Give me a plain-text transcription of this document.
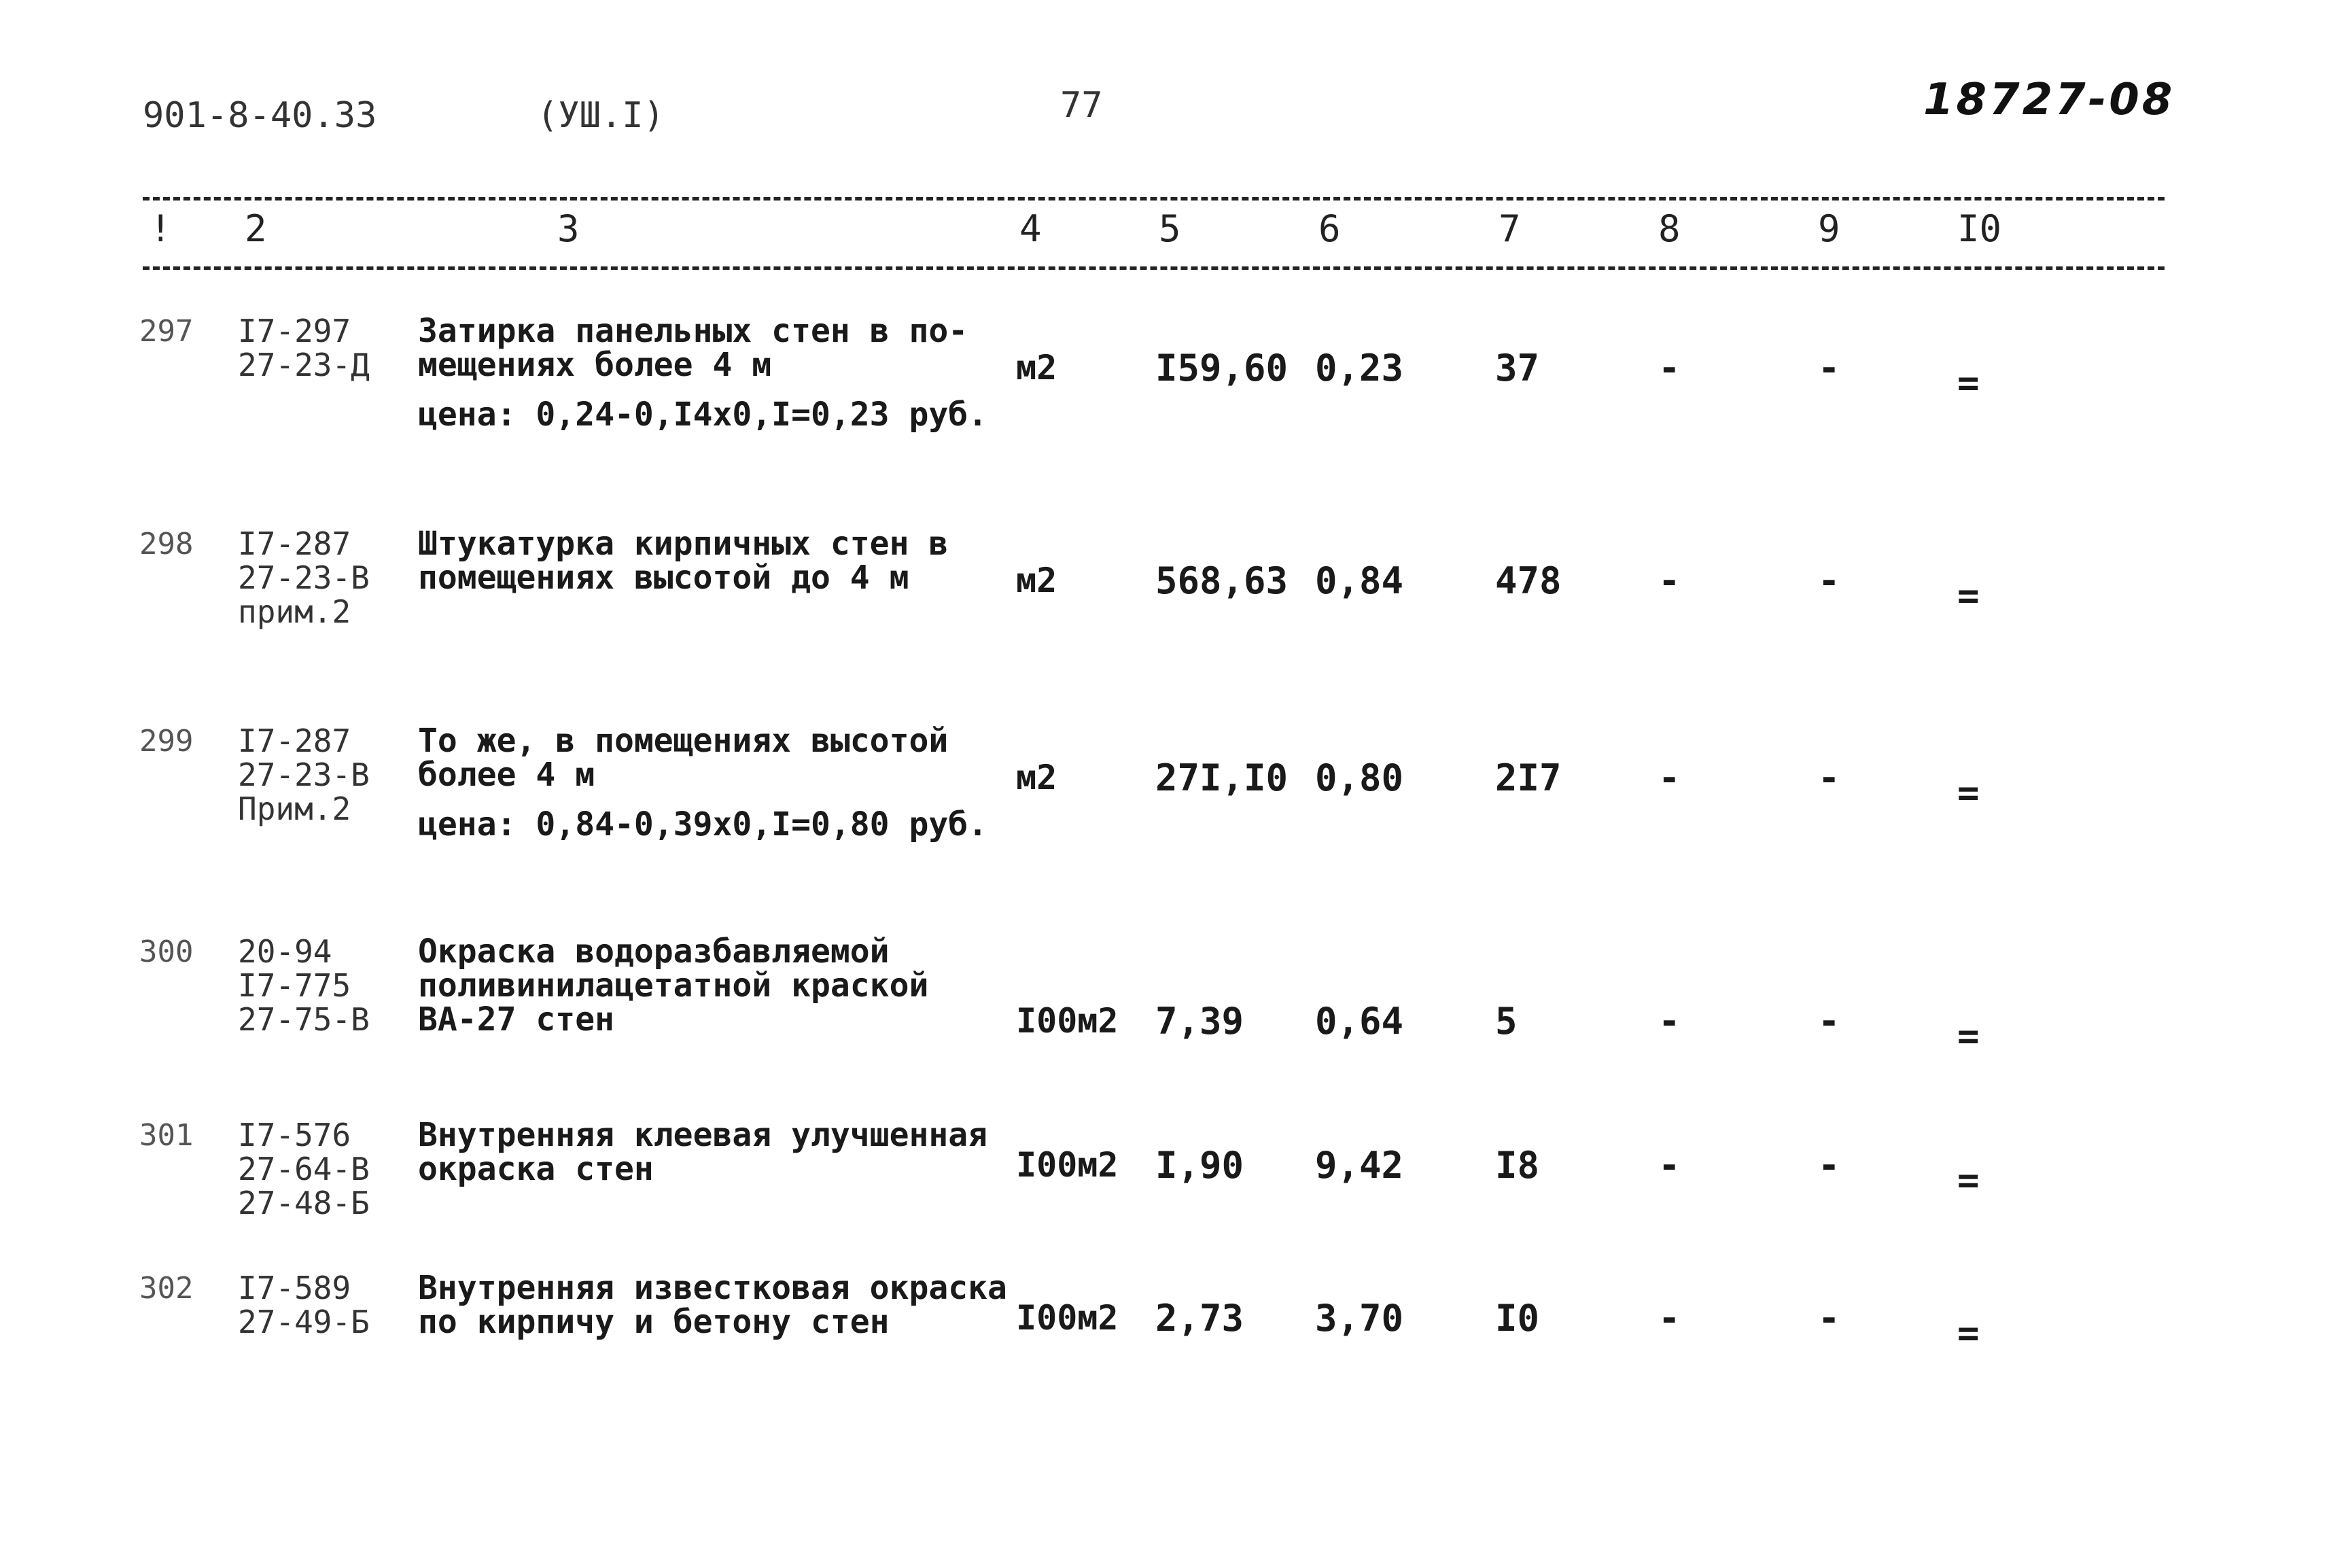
901-8-40.33	(УШ.I)	77	18727-08
! 2	3	4	5	6	7	8	9	I0
297 I7-297
27-23-Д
Затирка панельных стен в по-
мещениях более 4 м
цена: 0,24-0,I4х0,I=0,23 руб.
м2	I59,60 0,23 37	-	-	=
298 I7-287
27-23-В
прим.2
Штукатурка кирпичных стен в
помещениях высотой до 4 м	м2	568,63 0,84 478	-	-	=
299 I7-287
27-23-В
Прим.2
То же, в помещениях высотой
более 4 м
цена: 0,84-0,39х0,I=0,80 руб.
м2	27I,I0 0,80 2I7	-	-	=
300 20-94
I7-775
27-75-В
Окраска водоразбавляемой
поливинилацетатной краской
ВА-27 стен	I00м2 7,39 0,64 5	-	-	=
301 I7-576
27-64-В
27-48-Б
Внутренняя клеевая улучшенная
окраска стен	I00м2 I,90 9,42 I8	-	-	=
302 I7-589
27-49-Б
Внутренняя известковая окраска
по кирпичу и бетону стен	I00м2 2,73 3,70 I0	-	-	=
